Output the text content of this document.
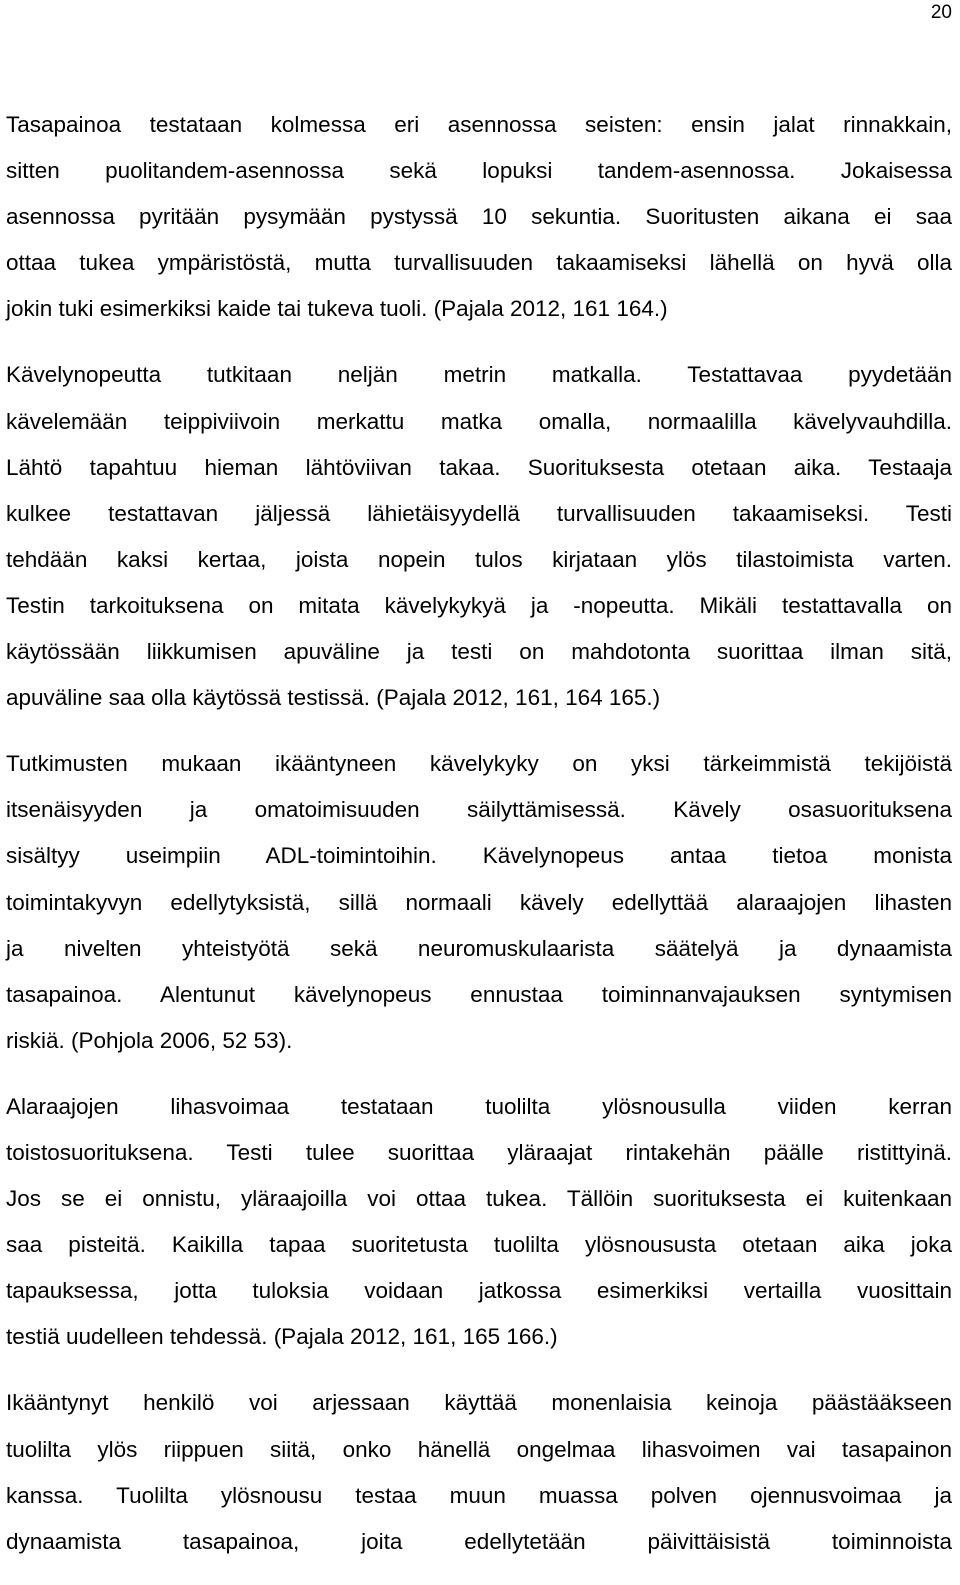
20
Tasapainoa testataan kolmessa eri asennossa seisten: ensin jalat rinnakkain,
sitten puolitandem-asennossa sekä lopuksi tandem-asennossa. Jokaisessa
asennossa pyritään pysymään pystyssä 10 sekuntia. Suoritusten aikana ei saa
ottaa tukea ympäristöstä, mutta turvallisuuden takaamiseksi lähellä on hyvä olla
jokin tuki esimerkiksi kaide tai tukeva tuoli. (Pajala 2012, 161 164.)
Kävelynopeutta tutkitaan neljän metrin matkalla. Testattavaa pyydetään
kävelemään teippiviivoin merkattu matka omalla, normaalilla kävelyvauhdilla.
Lähtö tapahtuu hieman lähtöviivan takaa. Suorituksesta otetaan aika. Testaaja
kulkee testattavan jäljessä lähietäisyydellä turvallisuuden takaamiseksi. Testi
tehdään kaksi kertaa, joista nopein tulos kirjataan ylös tilastoimista varten.
Testin tarkoituksena on mitata kävelykykyä ja -nopeutta. Mikäli testattavalla on
käytössään liikkumisen apuväline ja testi on mahdotonta suorittaa ilman sitä,
apuväline saa olla käytössä testissä. (Pajala 2012, 161, 164 165.)
Tutkimusten mukaan ikääntyneen kävelykyky on yksi tärkeimmistä tekijöistä
itsenäisyyden ja omatoimisuuden säilyttämisessä. Kävely osasuorituksena
sisältyy useimpiin ADL-toimintoihin. Kävelynopeus antaa tietoa monista
toimintakyvyn edellytyksistä, sillä normaali kävely edellyttää alaraajojen lihasten
ja nivelten yhteistyötä sekä neuromuskulaarista säätelyä ja dynaamista
tasapainoa. Alentunut kävelynopeus ennustaa toiminnanvajauksen syntymisen
riskiä. (Pohjola 2006, 52 53).
Alaraajojen lihasvoimaa testataan tuolilta ylösnousulla viiden kerran
toistosuorituksena. Testi tulee suorittaa yläraajat rintakehän päälle ristittyinä.
Jos se ei onnistu, yläraajoilla voi ottaa tukea. Tällöin suorituksesta ei kuitenkaan
saa pisteitä. Kaikilla tapaa suoritetusta tuolilta ylösnoususta otetaan aika joka
tapauksessa, jotta tuloksia voidaan jatkossa esimerkiksi vertailla vuosittain
testiä uudelleen tehdessä. (Pajala 2012, 161, 165 166.)
Ikääntynyt henkilö voi arjessaan käyttää monenlaisia keinoja päästääkseen
tuolilta ylös riippuen siitä, onko hänellä ongelmaa lihasvoimen vai tasapainon
kanssa. Tuolilta ylösnousu testaa muun muassa polven ojennusvoimaa ja
dynaamista tasapainoa, joita edellytetään päivittäisistä toiminnoista
